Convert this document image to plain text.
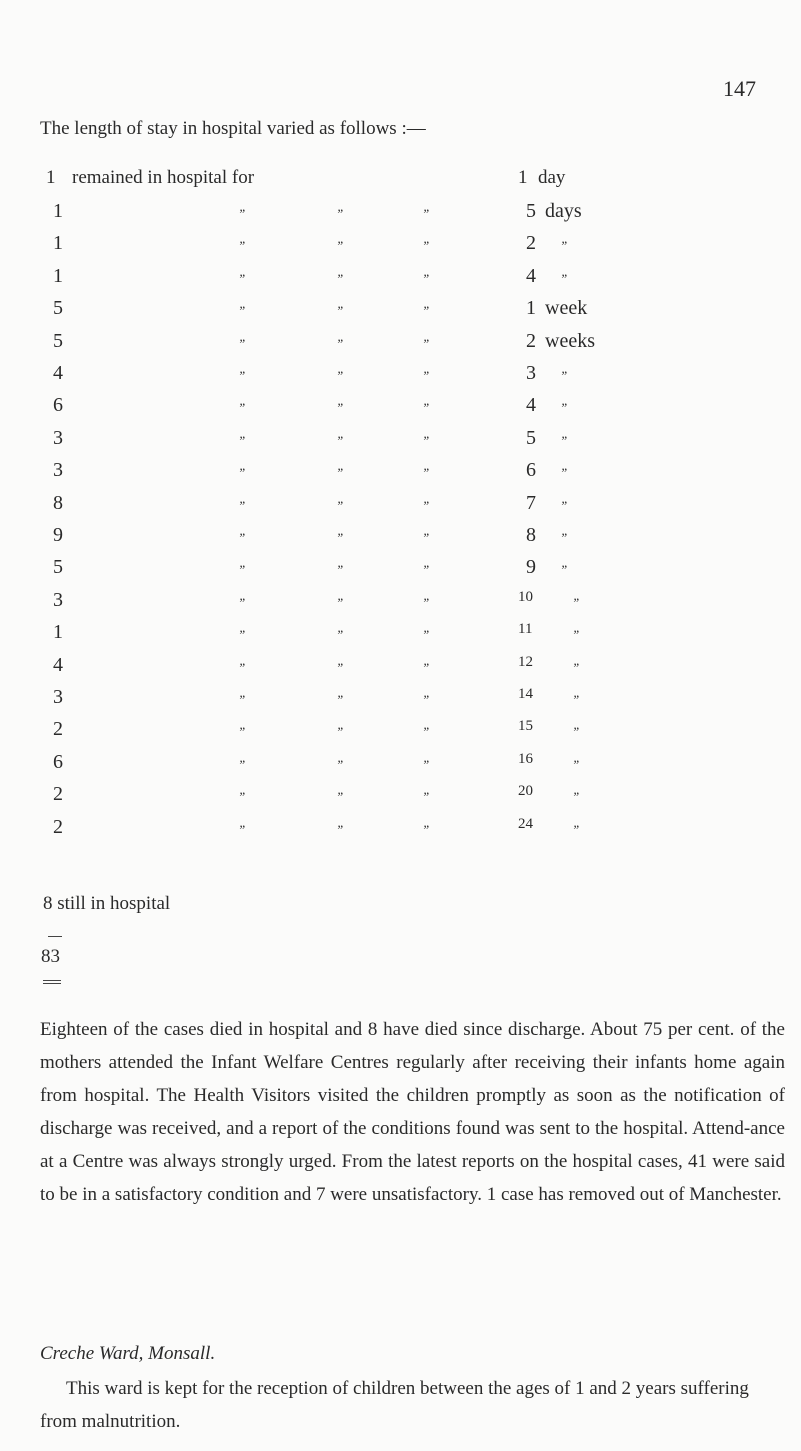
147
The length of stay in hospital varied as follows :—
1 remained in hospital for	1 day
1	”	”	”	5 days
1	”	”	”	2 ”
1	”	”	”	4 ”
5	”	”	”	1 week
5	”	”	”	2 weeks
4	”	”	”	3 ”
6	”	”	”	4 ”
3	”	”	”	5 ”
3	”	”	”	6 ”
8	”	”	”	7 ”
9	”	”	”	8 ”
5	”	”	”	9 ”
3	”	”	”	10	”
1	”	”	”	11	”
4	”	”	”	12	”
3	”	”	”	14	”
2	”	”	”	15	”
6	”	”	”	16	”
2	”	”	”	20	”
2	”	”	”	24	”
8 still in hospital
83
Eighteen of the cases died in hospital and 8 have died since discharge. About 75 per cent. of the mothers attended the Infant Welfare Centres regularly after receiving their infants home again from hospital. The Health Visitors visited the children promptly as soon as the notification of discharge was received, and a report of the conditions found was sent to the hospital. Attend-ance at a Centre was always strongly urged. From the latest reports on the hospital cases, 41 were said to be in a satisfactory condition and 7 were unsatisfactory. 1 case has removed out of Manchester.
Creche Ward, Monsall.
This ward is kept for the reception of children between the ages of 1 and 2 years suffering from malnutrition.
